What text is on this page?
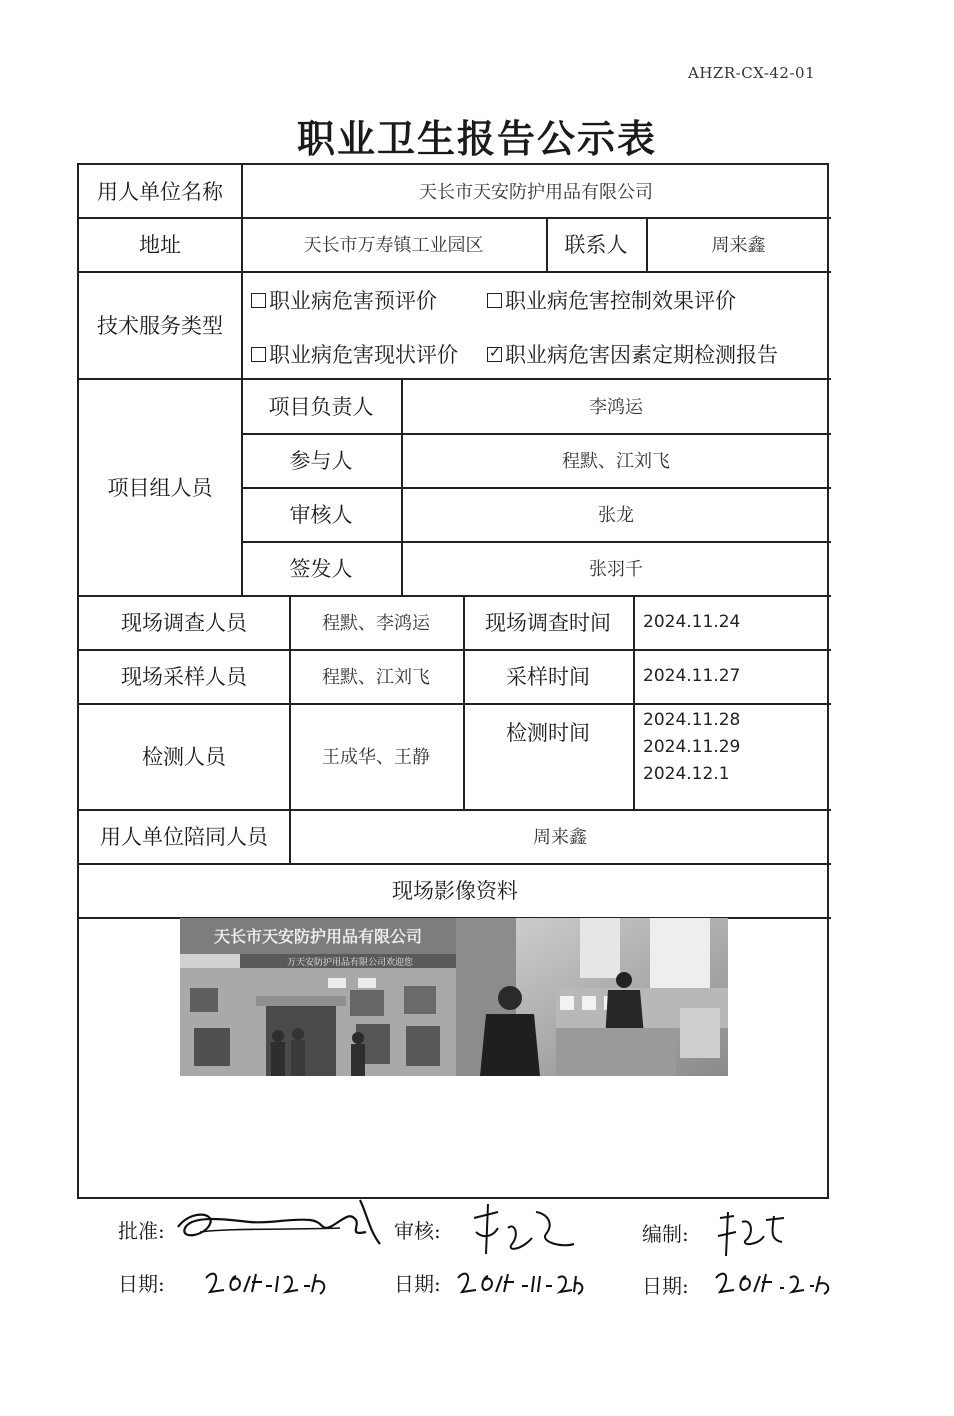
AHZR-CX-42-01
职业卫生报告公示表
用人单位名称	天长市天安防护用品有限公司
地址	天长市万寿镇工业园区	联系人	周来鑫
技术服务类型
职业病危害预评价	职业病危害控制效果评价
职业病危害现状评价
✓ 职业病危害因素定期检测报告
项目组人员
项目负责人	李鸿运
参与人	程默、江刘飞
审核人	张龙
签发人	张羽千
现场调查人员	程默、李鸿运	现场调查时间	2024.11.24
现场采样人员	程默、江刘飞	采样时间	2024.11.27
检测人员	王成华、王静
检测时间
2024.11.28
2024.11.29
2024.12.1
用人单位陪同人员	周来鑫
现场影像资料
天长市天安防护用品有限公司
万天安防护用品有限公司欢迎您
批准:	审核:	编制:
日期:	日期:	日期:
